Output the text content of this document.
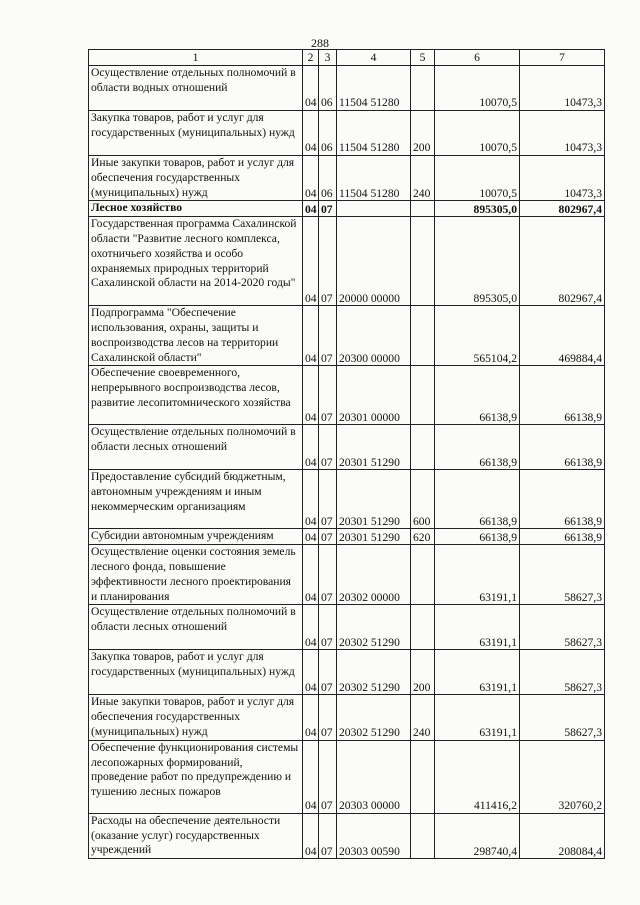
288
1	2	3	4	5	6	7
Осуществление отдельных полномочий в области водных отношений	04	06	11504 51280		10070,5	10473,3
Закупка товаров, работ и услуг для государственных (муниципальных) нужд	04	06	11504 51280	200	10070,5	10473,3
Иные закупки товаров, работ и услуг для обеспечения государственных (муниципальных) нужд	04	06	11504 51280	240	10070,5	10473,3
Лесное хозяйство	04	07			895305,0	802967,4
Государственная программа Сахалинской области "Развитие лесного комплекса, охотничьего хозяйства и особо охраняемых природных территорий Сахалинской области на 2014-2020 годы"	04	07	20000 00000		895305,0	802967,4
Подпрограмма "Обеспечение использования, охраны, защиты и воспроизводства лесов на территории Сахалинской области"	04	07	20300 00000		565104,2	469884,4
Обеспечение своевременного, непрерывного воспроизводства лесов, развитие лесопитомнического хозяйства	04	07	20301 00000		66138,9	66138,9
Осуществление отдельных полномочий в области лесных отношений	04	07	20301 51290		66138,9	66138,9
Предоставление субсидий бюджетным, автономным учреждениям и иным некоммерческим организациям	04	07	20301 51290	600	66138,9	66138,9
Субсидии автономным учреждениям	04	07	20301 51290	620	66138,9	66138,9
Осуществление оценки состояния земель лесного фонда, повышение эффективности лесного проектирования и планирования	04	07	20302 00000		63191,1	58627,3
Осуществление отдельных полномочий в области лесных отношений	04	07	20302 51290		63191,1	58627,3
Закупка товаров, работ и услуг для государственных (муниципальных) нужд	04	07	20302 51290	200	63191,1	58627,3
Иные закупки товаров, работ и услуг для обеспечения государственных (муниципальных) нужд	04	07	20302 51290	240	63191,1	58627,3
Обеспечение функционирования системы лесопожарных формирований, проведение работ по предупреждению и тушению лесных пожаров	04	07	20303 00000		411416,2	320760,2
Расходы на обеспечение деятельности (оказание услуг) государственных учреждений	04	07	20303 00590		298740,4	208084,4
